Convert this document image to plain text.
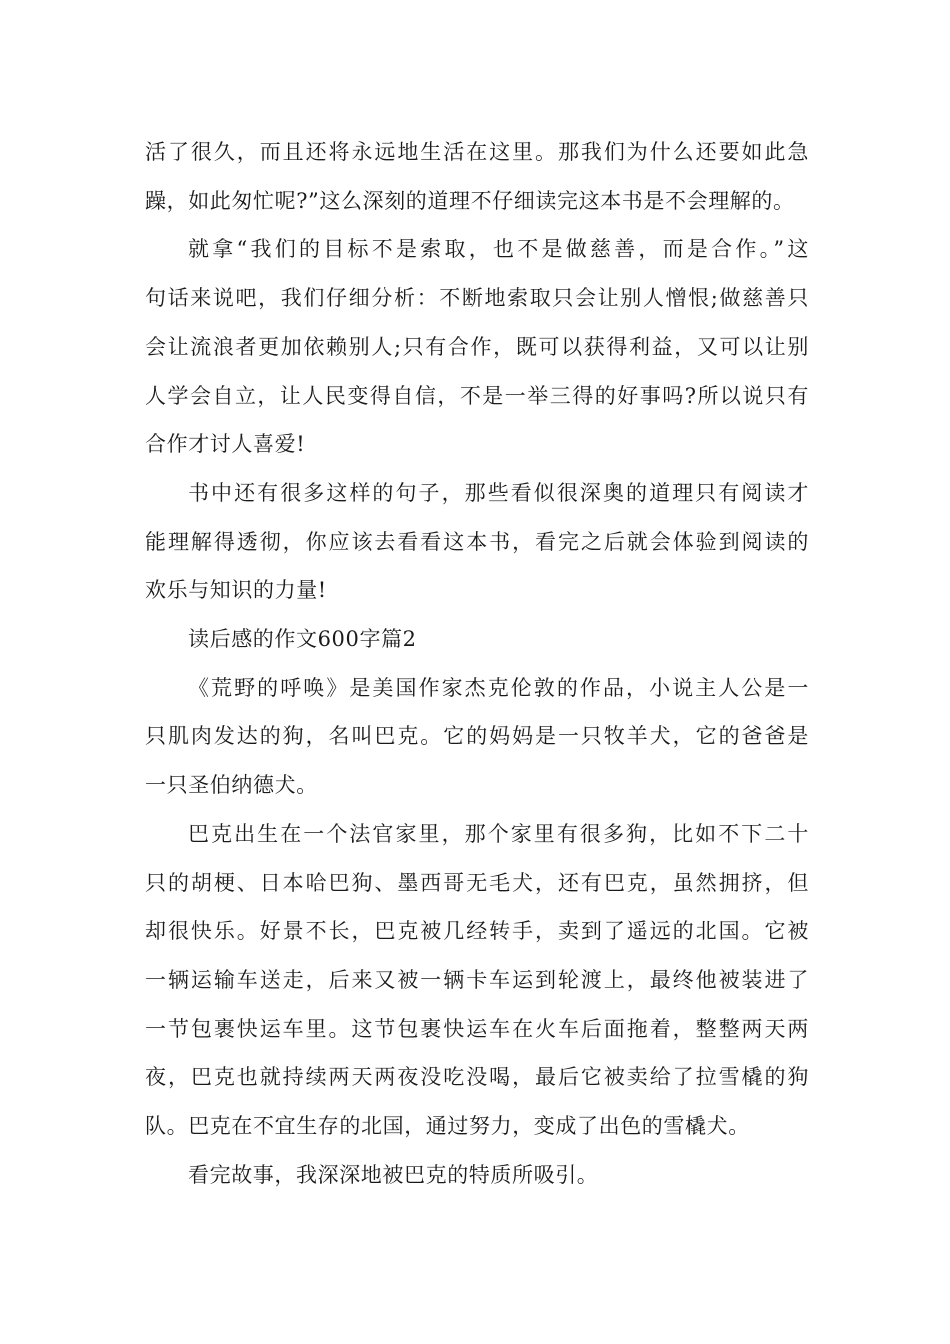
活了很久，而且还将永远地生活在这里。那我们为什么还要如此急
躁，如此匆忙呢?”这么深刻的道理不仔细读完这本书是不会理解的。
就拿“我们的目标不是索取，也不是做慈善，而是合作。”这
句话来说吧，我们仔细分析：不断地索取只会让别人憎恨;做慈善只
会让流浪者更加依赖别人;只有合作，既可以获得利益，又可以让别
人学会自立，让人民变得自信，不是一举三得的好事吗?所以说只有
合作才讨人喜爱!
书中还有很多这样的句子，那些看似很深奥的道理只有阅读才
能理解得透彻，你应该去看看这本书，看完之后就会体验到阅读的
欢乐与知识的力量!
读后感的作文600字篇2
《荒野的呼唤》是美国作家杰克伦敦的作品，小说主人公是一
只肌肉发达的狗，名叫巴克。它的妈妈是一只牧羊犬，它的爸爸是
一只圣伯纳德犬。
巴克出生在一个法官家里，那个家里有很多狗，比如不下二十
只的胡梗、日本哈巴狗、墨西哥无毛犬，还有巴克，虽然拥挤，但
却很快乐。好景不长，巴克被几经转手，卖到了遥远的北国。它被
一辆运输车送走，后来又被一辆卡车运到轮渡上，最终他被装进了
一节包裹快运车里。这节包裹快运车在火车后面拖着，整整两天两
夜，巴克也就持续两天两夜没吃没喝，最后它被卖给了拉雪橇的狗
队。巴克在不宜生存的北国，通过努力，变成了出色的雪橇犬。
看完故事，我深深地被巴克的特质所吸引。
